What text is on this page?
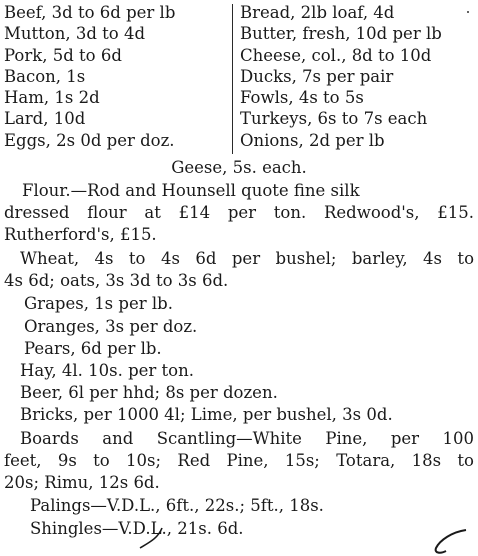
Beef, 3d to 6d per lb
Mutton, 3d to 4d
Pork, 5d to 6d
Bacon, 1s
Ham, 1s 2d
Lard, 10d
Eggs, 2s 0d per doz.
Bread, 2lb loaf, 4d
Butter, fresh, 10d per lb
Cheese, col., 8d to 10d
Ducks, 7s per pair
Fowls, 4s to 5s
Turkeys, 6s to 7s each
Onions, 2d per lb
Geese, 5s. each.
Flour.—Rod and Hounsell quote fine silk
dressed flour at £14 per ton. Redwood's, £15.
Rutherford's, £15.
Wheat, 4s to 4s 6d per bushel; barley, 4s to
4s 6d; oats, 3s 3d to 3s 6d.
Grapes, 1s per lb.
Oranges, 3s per doz.
Pears, 6d per lb.
Hay, 4l. 10s. per ton.
Beer, 6l per hhd; 8s per dozen.
Bricks, per 1000 4l; Lime, per bushel, 3s 0d.
Boards and Scantling—White Pine, per 100
feet, 9s to 10s; Red Pine, 15s; Totara, 18s to
20s; Rimu, 12s 6d.
Palings—V.D.L., 6ft., 22s.; 5ft., 18s.
Shingles—V.D.L., 21s. 6d.
